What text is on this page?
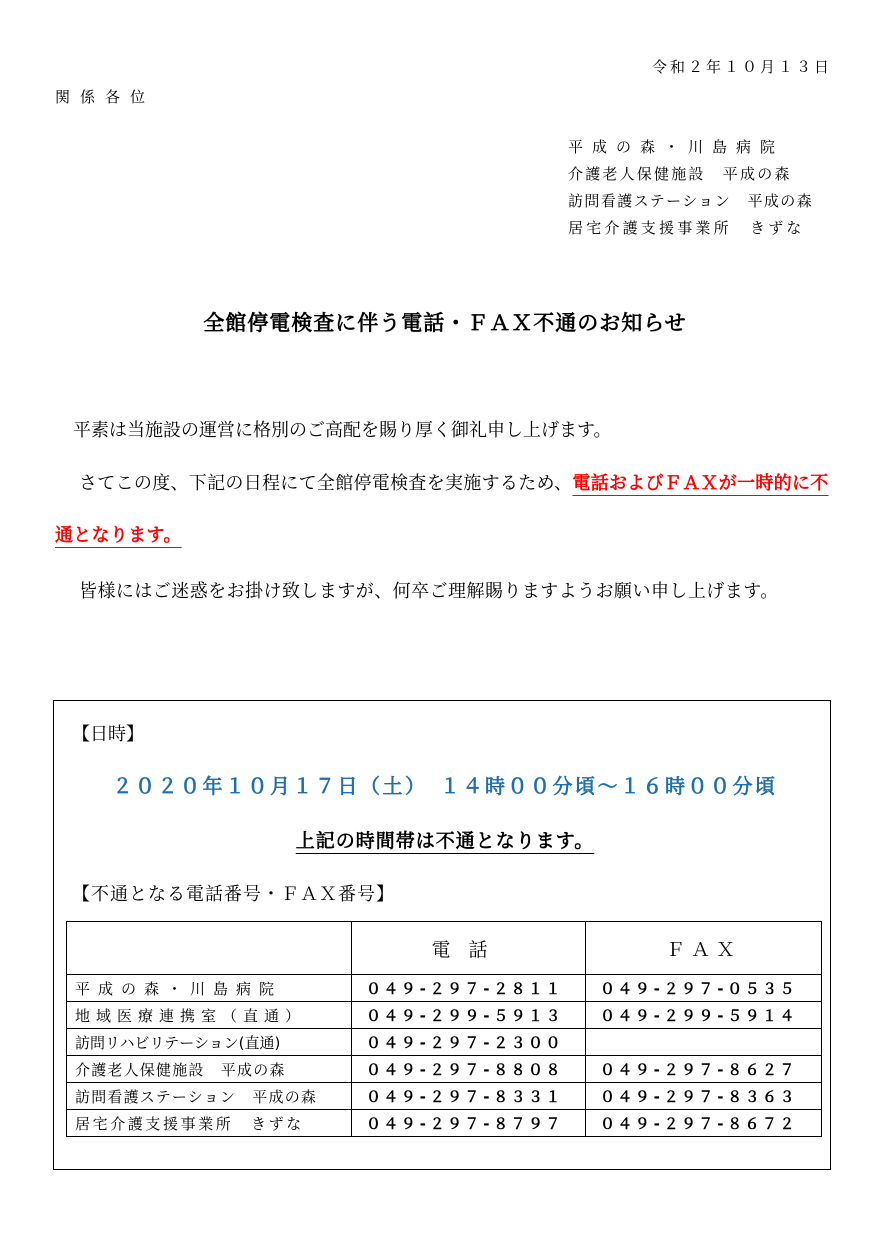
令和２年１０月１３日
関係各位
平成の森・川島病院
介護老人保健施設　平成の森
訪問看護ステーション　平成の森
居宅介護支援事業所　きずな
全館停電検査に伴う電話・ＦＡＸ不通のお知らせ
平素は当施設の運営に格別のご高配を賜り厚く御礼申し上げます。
さてこの度、下記の日程にて全館停電検査を実施するため、電話およびＦＡＸが一時的に不通となります。
皆様にはご迷惑をお掛け致しますが、何卒ご理解賜りますようお願い申し上げます。
【日時】
２０２０年１０月１７日（土）　１４時００分頃～１６時００分頃
上記の時間帯は不通となります。
【不通となる電話番号・ＦＡＸ番号】
	電話	ＦＡＸ
平成の森・川島病院	０４９-２９７-２８１１	０４９-２９７-０５３５
地域医療連携室（直通）	０４９-２９９-５９１３	０４９-２９９-５９１４
訪問リハビリテーション(直通)	０４９-２９７-２３００	
介護老人保健施設　平成の森	０４９-２９７-８８０８	０４９-２９７-８６２７
訪問看護ステーション　平成の森	０４９-２９７-８３３１	０４９-２９７-８３６３
居宅介護支援事業所　きずな	０４９-２９７-８７９７	０４９-２９７-８６７２
